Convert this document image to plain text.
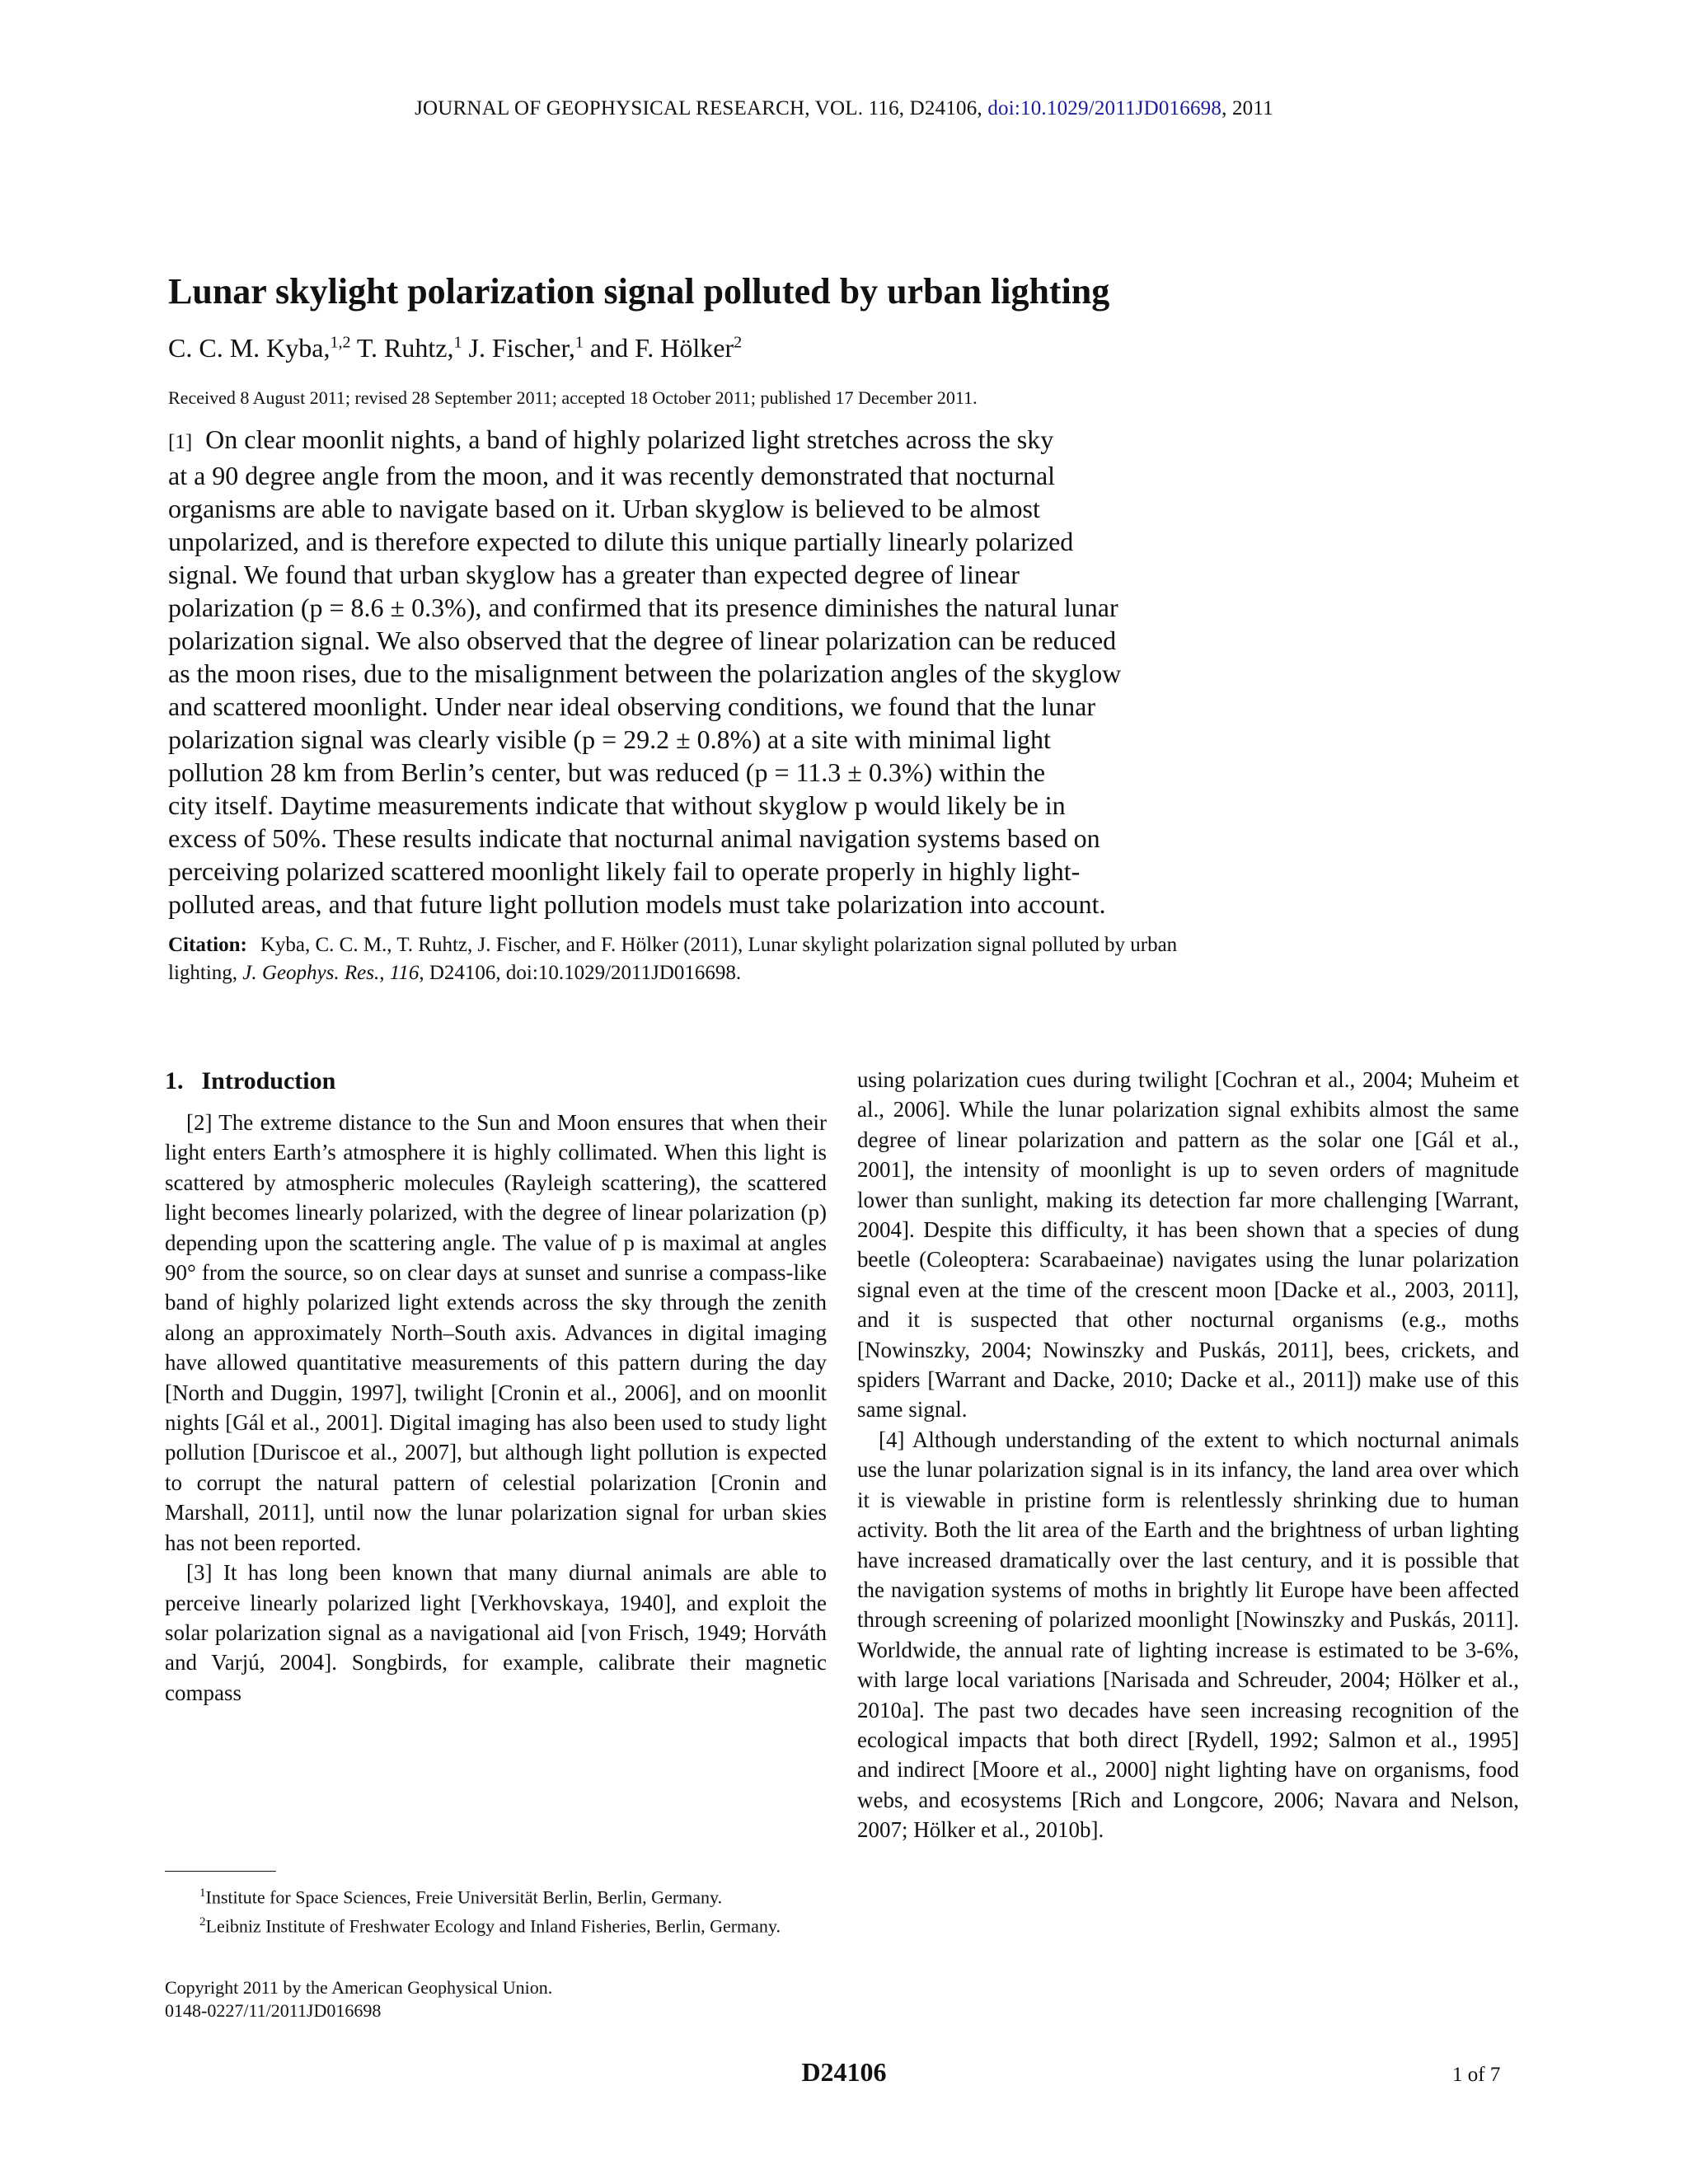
JOURNAL OF GEOPHYSICAL RESEARCH, VOL. 116, D24106, doi:10.1029/2011JD016698, 2011
Lunar skylight polarization signal polluted by urban lighting
C. C. M. Kyba,$^{1,2}$ T. Ruhtz,$^1$ J. Fischer,$^1$ and F. Hölker$^2$
Received 8 August 2011; revised 28 September 2011; accepted 18 October 2011; published 17 December 2011.
[1] On clear moonlit nights, a band of highly polarized light stretches across the sky
at a 90 degree angle from the moon, and it was recently demonstrated that nocturnal
organisms are able to navigate based on it. Urban skyglow is believed to be almost
unpolarized, and is therefore expected to dilute this unique partially linearly polarized
signal. We found that urban skyglow has a greater than expected degree of linear
polarization (p = 8.6 ± 0.3%), and confirmed that its presence diminishes the natural lunar
polarization signal. We also observed that the degree of linear polarization can be reduced
as the moon rises, due to the misalignment between the polarization angles of the skyglow
and scattered moonlight. Under near ideal observing conditions, we found that the lunar
polarization signal was clearly visible (p = 29.2 ± 0.8%) at a site with minimal light
pollution 28 km from Berlin’s center, but was reduced (p = 11.3 ± 0.3%) within the
city itself. Daytime measurements indicate that without skyglow p would likely be in
excess of 50%. These results indicate that nocturnal animal navigation systems based on
perceiving polarized scattered moonlight likely fail to operate properly in highly light-
polluted areas, and that future light pollution models must take polarization into account.
Citation: Kyba, C. C. M., T. Ruhtz, J. Fischer, and F. Hölker (2011), Lunar skylight polarization signal polluted by urban
lighting, J. Geophys. Res., 116, D24106, doi:10.1029/2011JD016698.
1. Introduction

[2] The extreme distance to the Sun and Moon ensures that when their light enters Earth’s atmosphere it is highly collimated. When this light is scattered by atmospheric molecules (Rayleigh scattering), the scattered light becomes linearly polarized, with the degree of linear polarization (p) depending upon the scattering angle. The value of p is maximal at angles 90° from the source, so on clear days at sunset and sunrise a compass-like band of highly polarized light extends across the sky through the zenith along an approximately North–South axis. Advances in digital imaging have allowed quantitative measurements of this pattern during the day [North and Duggin, 1997], twilight [Cronin et al., 2006], and on moonlit nights [Gál et al., 2001]. Digital imaging has also been used to study light pollution [Duriscoe et al., 2007], but although light pollution is expected to corrupt the natural pattern of celestial polarization [Cronin and Marshall, 2011], until now the lunar polarization signal for urban skies has not been reported.

[3] It has long been known that many diurnal animals are able to perceive linearly polarized light [Verkhovskaya, 1940], and exploit the solar polarization signal as a navigational aid [von Frisch, 1949; Horváth and Varjú, 2004]. Songbirds, for example, calibrate their magnetic compass

using polarization cues during twilight [Cochran et al., 2004; Muheim et al., 2006]. While the lunar polarization signal exhibits almost the same degree of linear polarization and pattern as the solar one [Gál et al., 2001], the intensity of moonlight is up to seven orders of magnitude lower than sunlight, making its detection far more challenging [Warrant, 2004]. Despite this difficulty, it has been shown that a species of dung beetle (Coleoptera: Scarabaeinae) navigates using the lunar polarization signal even at the time of the crescent moon [Dacke et al., 2003, 2011], and it is suspected that other nocturnal organisms (e.g., moths [Nowinszky, 2004; Nowinszky and Puskás, 2011], bees, crickets, and spiders [Warrant and Dacke, 2010; Dacke et al., 2011]) make use of this same signal.

[4] Although understanding of the extent to which nocturnal animals use the lunar polarization signal is in its infancy, the land area over which it is viewable in pristine form is relentlessly shrinking due to human activity. Both the lit area of the Earth and the brightness of urban lighting have increased dramatically over the last century, and it is possible that the navigation systems of moths in brightly lit Europe have been affected through screening of polarized moonlight [Nowinszky and Puskás, 2011]. Worldwide, the annual rate of lighting increase is estimated to be 3-6%, with large local variations [Narisada and Schreuder, 2004; Hölker et al., 2010a]. The past two decades have seen increasing recognition of the ecological impacts that both direct [Rydell, 1992; Salmon et al., 1995] and indirect [Moore et al., 2000] night lighting have on organisms, food webs, and ecosystems [Rich and Longcore, 2006; Navara and Nelson, 2007; Hölker et al., 2010b].

$^1$Institute for Space Sciences, Freie Universität Berlin, Berlin, Germany.

$^2$Leibniz Institute of Freshwater Ecology and Inland Fisheries, Berlin, Germany.

Copyright 2011 by the American Geophysical Union.
0148-0227/11/2011JD016698
D24106	1 of 7
